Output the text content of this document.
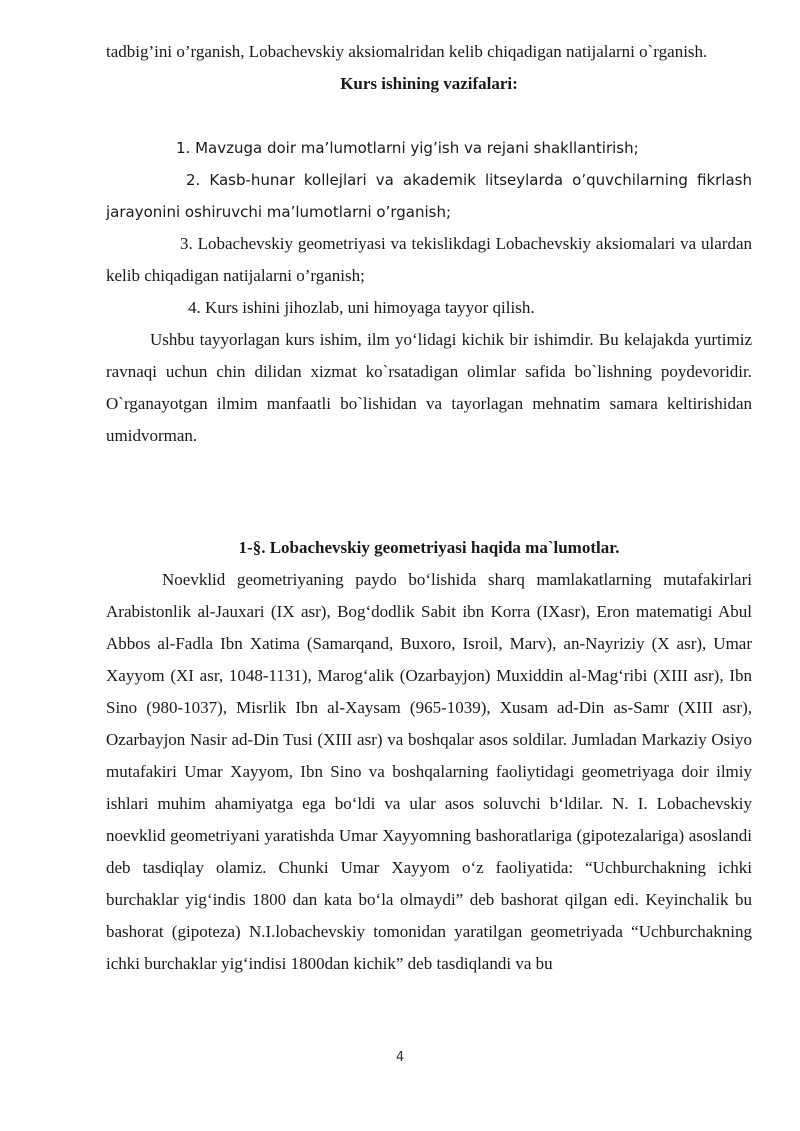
tadbig’ini o’rganish, Lobachevskiy aksiomalridan kelib chiqadigan natijalarni o`rganish.

Kurs ishining vazifalari:

1. Mavzuga doir ma’lumotlarni yig’ish va rejani shakllantirish;

2. Kasb-hunar kollejlari va akademik litseylarda o’quvchilarning fikrlash jarayonini oshiruvchi ma’lumotlarni o’rganish;

3. Lobachevskiy geometriyasi va tekislikdagi Lobachevskiy aksiomalari va ulardan kelib chiqadigan natijalarni o’rganish;

4. Kurs ishini jihozlab, uni himoyaga tayyor qilish.

Ushbu tayyorlagan kurs ishim, ilm yo‘lidagi kichik bir ishimdir. Bu kelajakda yurtimiz ravnaqi uchun chin dilidan xizmat ko`rsatadigan olimlar safida bo`lishning poydevoridir. O`rganayotgan ilmim manfaatli bo`lishidan va tayorlagan mehnatim samara keltirishidan umidvorman.

1-§. Lobachevskiy geometriyasi haqida ma`lumotlar.

Noevklid geometriyaning paydo bo‘lishida sharq mamlakatlarning mutafakirlari Arabistonlik al-Jauxari (IX asr), Bog‘dodlik Sabit ibn Korra (IXasr), Eron matematigi Abul Abbos al-Fadla Ibn Xatima (Samarqand, Buxoro, Isroil, Marv), an-Nayriziy (X asr), Umar Xayyom (XI asr, 1048-1131), Marog‘alik (Ozarbayjon) Muxiddin al-Mag‘ribi (XIII asr), Ibn Sino (980-1037), Misrlik Ibn al-Xaysam (965-1039), Xusam ad-Din as-Samr (XIII asr), Ozarbayjon Nasir ad-Din Tusi (XIII asr) va boshqalar asos soldilar. Jumladan Markaziy Osiyo mutafakiri Umar Xayyom, Ibn Sino va boshqalarning faoliytidagi geometriyaga doir ilmiy ishlari muhim ahamiyatga ega bo‘ldi va ular asos soluvchi b‘ldilar. N. I. Lobachevskiy noevklid geometriyani yaratishda Umar Xayyomning bashoratlariga (gipotezalariga) asoslandi deb tasdiqlay olamiz. Chunki Umar Xayyom o‘z faoliyatida: “Uchburchakning ichki burchaklar yig‘indis 1800 dan kata bo‘la olmaydi” deb bashorat qilgan edi. Keyinchalik bu bashorat (gipoteza) N.I.lobachevskiy tomonidan yaratilgan geometriyada “Uchburchakning ichki burchaklar yig‘indisi 1800dan kichik” deb tasdiqlandi va bu

4
